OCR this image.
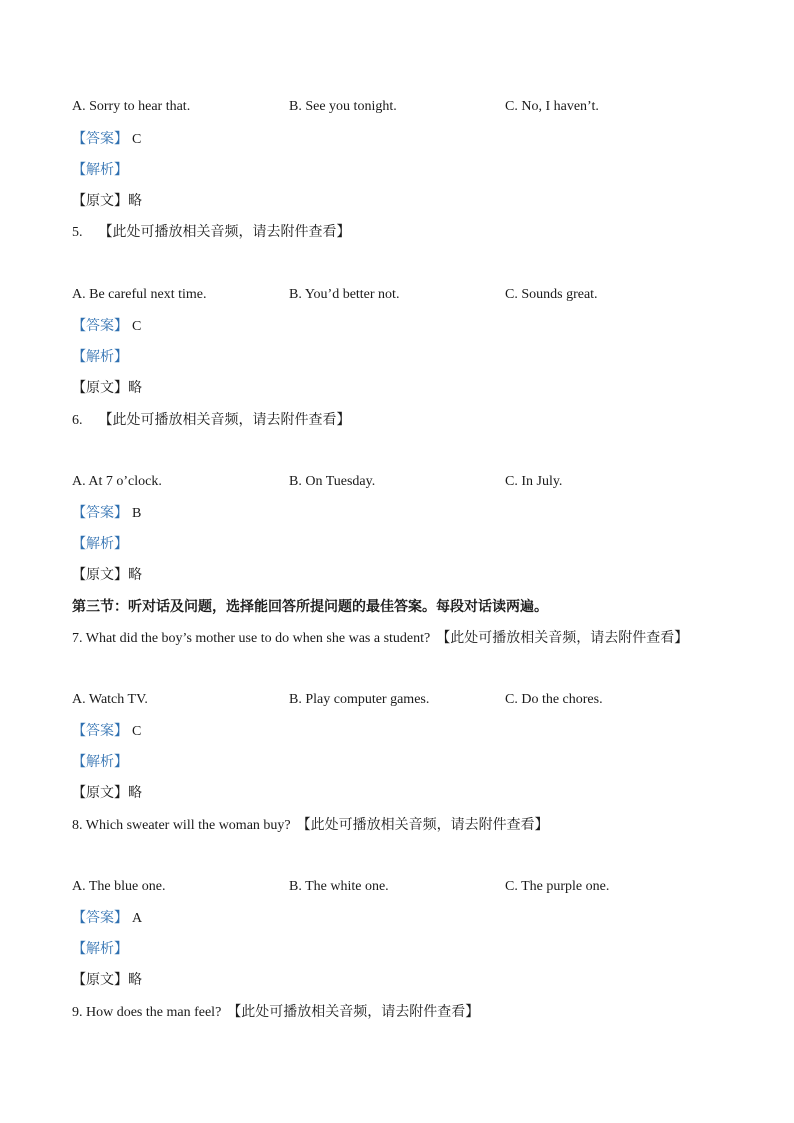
A. Sorry to hear that.	B. See you tonight.	C. No, I haven’t.
【答案】 C
【解析】
【原文】略
5. 【此处可播放相关音频，请去附件查看】
A. Be careful next time.	B. You’d better not.	C. Sounds great.
【答案】 C
【解析】
【原文】略
6. 【此处可播放相关音频，请去附件查看】
A. At 7 o’clock.	B. On Tuesday.	C. In July.
【答案】 B
【解析】
【原文】略
第三节：听对话及问题，选择能回答所提问题的最佳答案。每段对话读两遍。
7. What did the boy’s mother use to do when she was a student? 【此处可播放相关音频，请去附件查看】
A. Watch TV.	B. Play computer games.	C. Do the chores.
【答案】 C
【解析】
【原文】略
8. Which sweater will the woman buy? 【此处可播放相关音频，请去附件查看】
A. The blue one.	B. The white one.	C. The purple one.
【答案】 A
【解析】
【原文】略
9. How does the man feel? 【此处可播放相关音频，请去附件查看】
